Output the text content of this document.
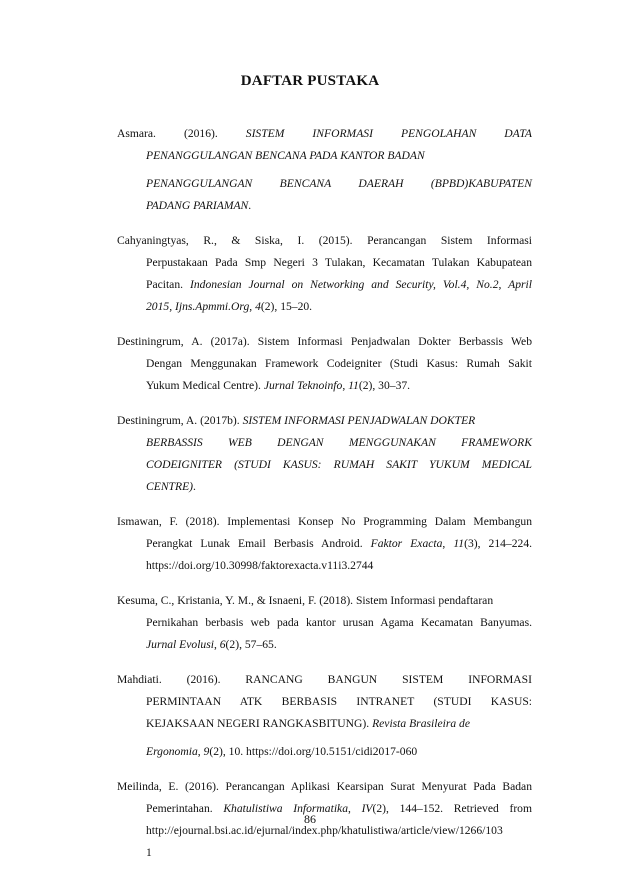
DAFTAR PUSTAKA
Asmara. (2016). SISTEM INFORMASI PENGOLAHAN DATA
PENANGGULANGAN BENCANA PADA KANTOR BADAN
PENANGGULANGAN BENCANA DAERAH (BPBD)KABUPATEN
PADANG PARIAMAN.
Cahyaningtyas, R., & Siska, I. (2015). Perancangan Sistem Informasi
Perpustakaan Pada Smp Negeri 3 Tulakan, Kecamatan Tulakan Kabupatean
Pacitan. Indonesian Journal on Networking and Security, Vol.4, No.2, April
2015, Ijns.Apmmi.Org, 4(2), 15–20.
Destiningrum, A. (2017a). Sistem Informasi Penjadwalan Dokter Berbassis Web
Dengan Menggunakan Framework Codeigniter (Studi Kasus: Rumah Sakit
Yukum Medical Centre). Jurnal Teknoinfo, 11(2), 30–37.
Destiningrum, A. (2017b). SISTEM INFORMASI PENJADWALAN DOKTER
BERBASSIS WEB DENGAN MENGGUNAKAN FRAMEWORK
CODEIGNITER (STUDI KASUS: RUMAH SAKIT YUKUM MEDICAL
CENTRE).
Ismawan, F. (2018). Implementasi Konsep No Programming Dalam Membangun
Perangkat Lunak Email Berbasis Android. Faktor Exacta, 11(3), 214–224.
https://doi.org/10.30998/faktorexacta.v11i3.2744
Kesuma, C., Kristania, Y. M., & Isnaeni, F. (2018). Sistem Informasi pendaftaran
Pernikahan berbasis web pada kantor urusan Agama Kecamatan Banyumas.
Jurnal Evolusi, 6(2), 57–65.
Mahdiati. (2016). RANCANG BANGUN SISTEM INFORMASI
PERMINTAAN ATK BERBASIS INTRANET (STUDI KASUS:
KEJAKSAAN NEGERI RANGKASBITUNG). Revista Brasileira de
Ergonomia, 9(2), 10. https://doi.org/10.5151/cidi2017-060
Meilinda, E. (2016). Perancangan Aplikasi Kearsipan Surat Menyurat Pada Badan
Pemerintahan. Khatulistiwa Informatika, IV(2), 144–152. Retrieved from
http://ejournal.bsi.ac.id/ejurnal/index.php/khatulistiwa/article/view/1266/103
1
86
